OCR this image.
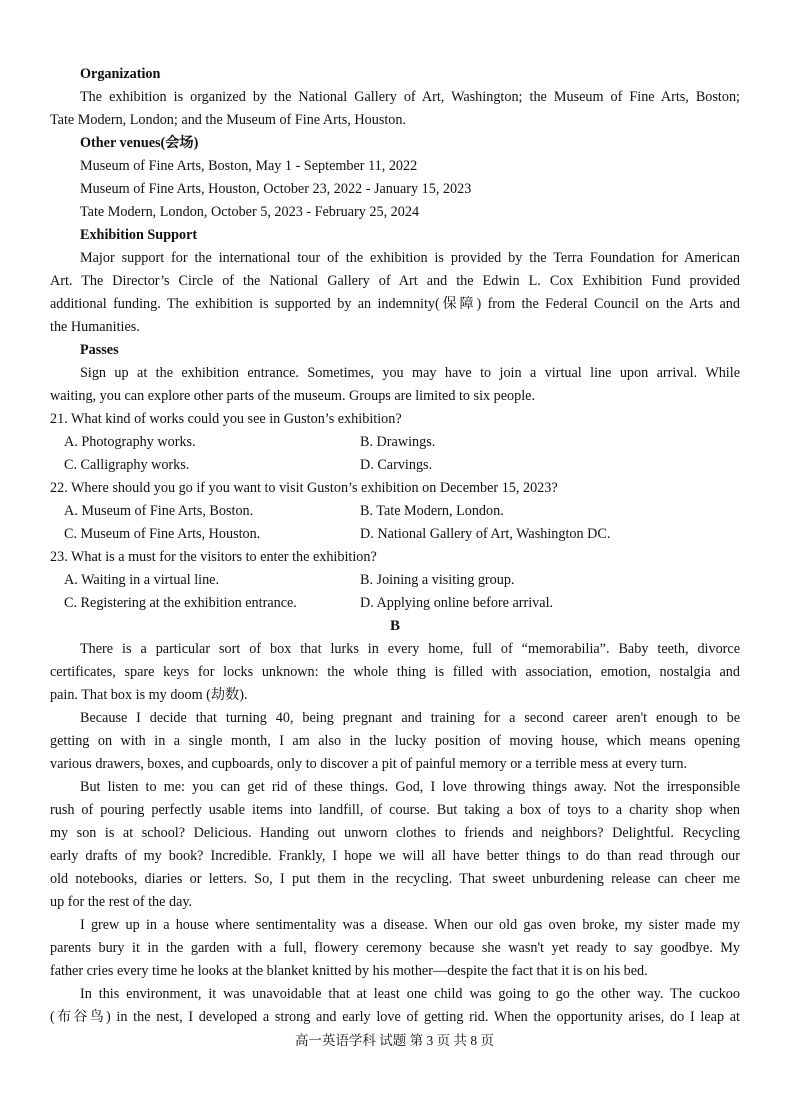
Organization
The exhibition is organized by the National Gallery of Art, Washington; the Museum of Fine Arts, Boston;
Tate Modern, London; and the Museum of Fine Arts, Houston.
Other venues(会场)
Museum of Fine Arts, Boston, May 1 - September 11, 2022
Museum of Fine Arts, Houston, October 23, 2022 - January 15, 2023
Tate Modern, London, October 5, 2023 - February 25, 2024
Exhibition Support
Major support for the international tour of the exhibition is provided by the Terra Foundation for American
Art. The Director’s Circle of the National Gallery of Art and the Edwin L. Cox Exhibition Fund provided
additional funding. The exhibition is supported by an indemnity(保障) from the Federal Council on the Arts and
the Humanities.
Passes
Sign up at the exhibition entrance. Sometimes, you may have to join a virtual line upon arrival. While
waiting, you can explore other parts of the museum. Groups are limited to six people.
21. What kind of works could you see in Guston’s exhibition?
A. Photography works.	B. Drawings.
C. Calligraphy works.	D. Carvings.
22. Where should you go if you want to visit Guston’s exhibition on December 15, 2023?
A. Museum of Fine Arts, Boston.	B. Tate Modern, London.
C. Museum of Fine Arts, Houston.	D. National Gallery of Art, Washington DC.
23. What is a must for the visitors to enter the exhibition?
A. Waiting in a virtual line.	B. Joining a visiting group.
C. Registering at the exhibition entrance.	D. Applying online before arrival.
B
There is a particular sort of box that lurks in every home, full of “memorabilia”. Baby teeth, divorce
certificates, spare keys for locks unknown: the whole thing is filled with association, emotion, nostalgia and
pain. That box is my doom (劫数).
Because I decide that turning 40, being pregnant and training for a second career aren't enough to be
getting on with in a single month, I am also in the lucky position of moving house, which means opening
various drawers, boxes, and cupboards, only to discover a pit of painful memory or a terrible mess at every turn.
But listen to me: you can get rid of these things. God, I love throwing things away. Not the irresponsible
rush of pouring perfectly usable items into landfill, of course. But taking a box of toys to a charity shop when
my son is at school? Delicious. Handing out unworn clothes to friends and neighbors? Delightful. Recycling
early drafts of my book? Incredible. Frankly, I hope we will all have better things to do than read through our
old notebooks, diaries or letters. So, I put them in the recycling. That sweet unburdening release can cheer me
up for the rest of the day.
I grew up in a house where sentimentality was a disease. When our old gas oven broke, my sister made my
parents bury it in the garden with a full, flowery ceremony because she wasn't yet ready to say goodbye. My
father cries every time he looks at the blanket knitted by his mother—despite the fact that it is on his bed.
In this environment, it was unavoidable that at least one child was going to go the other way. The cuckoo
(布谷鸟) in the nest, I developed a strong and early love of getting rid. When the opportunity arises, do I leap at
高一英语学科 试题 第 3 页 共 8 页
